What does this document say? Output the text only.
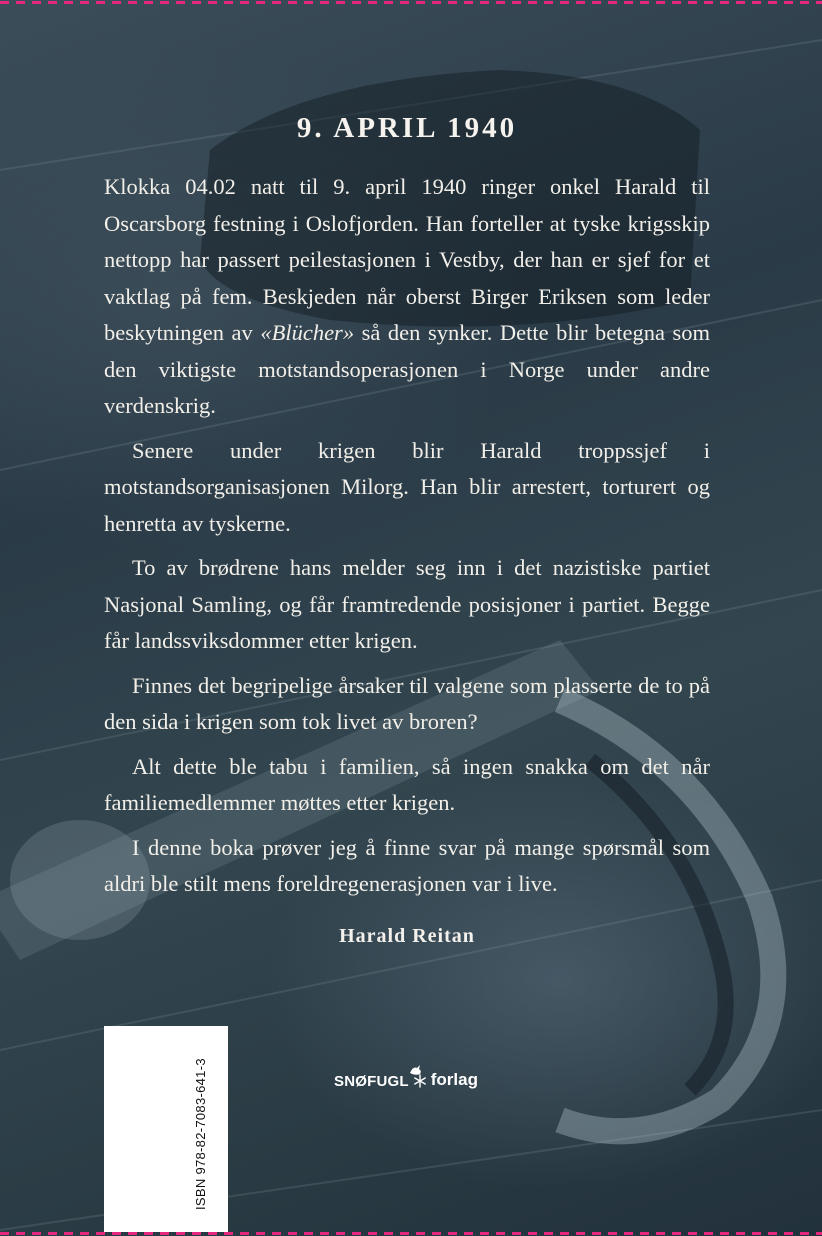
9. APRIL 1940

Klokka 04.02 natt til 9. april 1940 ringer onkel Harald til Oscarsborg festning i Oslofjorden. Han forteller at tyske krigsskip nettopp har passert peilestasjonen i Vestby, der han er sjef for et vaktlag på fem. Beskjeden når oberst Birger Eriksen som leder beskytningen av «Blücher» så den synker. Dette blir betegna som den viktigste motstandsoperasjonen i Norge under andre verdenskrig.

Senere under krigen blir Harald troppssjef i motstandsorganisasjonen Milorg. Han blir arrestert, torturert og henretta av tyskerne.

To av brødrene hans melder seg inn i det nazistiske partiet Nasjonal Samling, og får framtredende posisjoner i partiet. Begge får landssviksdommer etter krigen.

Finnes det begripelige årsaker til valgene som plasserte de to på den sida i krigen som tok livet av broren?

Alt dette ble tabu i familien, så ingen snakka om det når familiemedlemmer møttes etter krigen.

I denne boka prøver jeg å finne svar på mange spørsmål som aldri ble stilt mens foreldregenerasjonen var i live.

Harald Reitan
ISBN 978-82-7083-641-3	SNØFUGL forlag
